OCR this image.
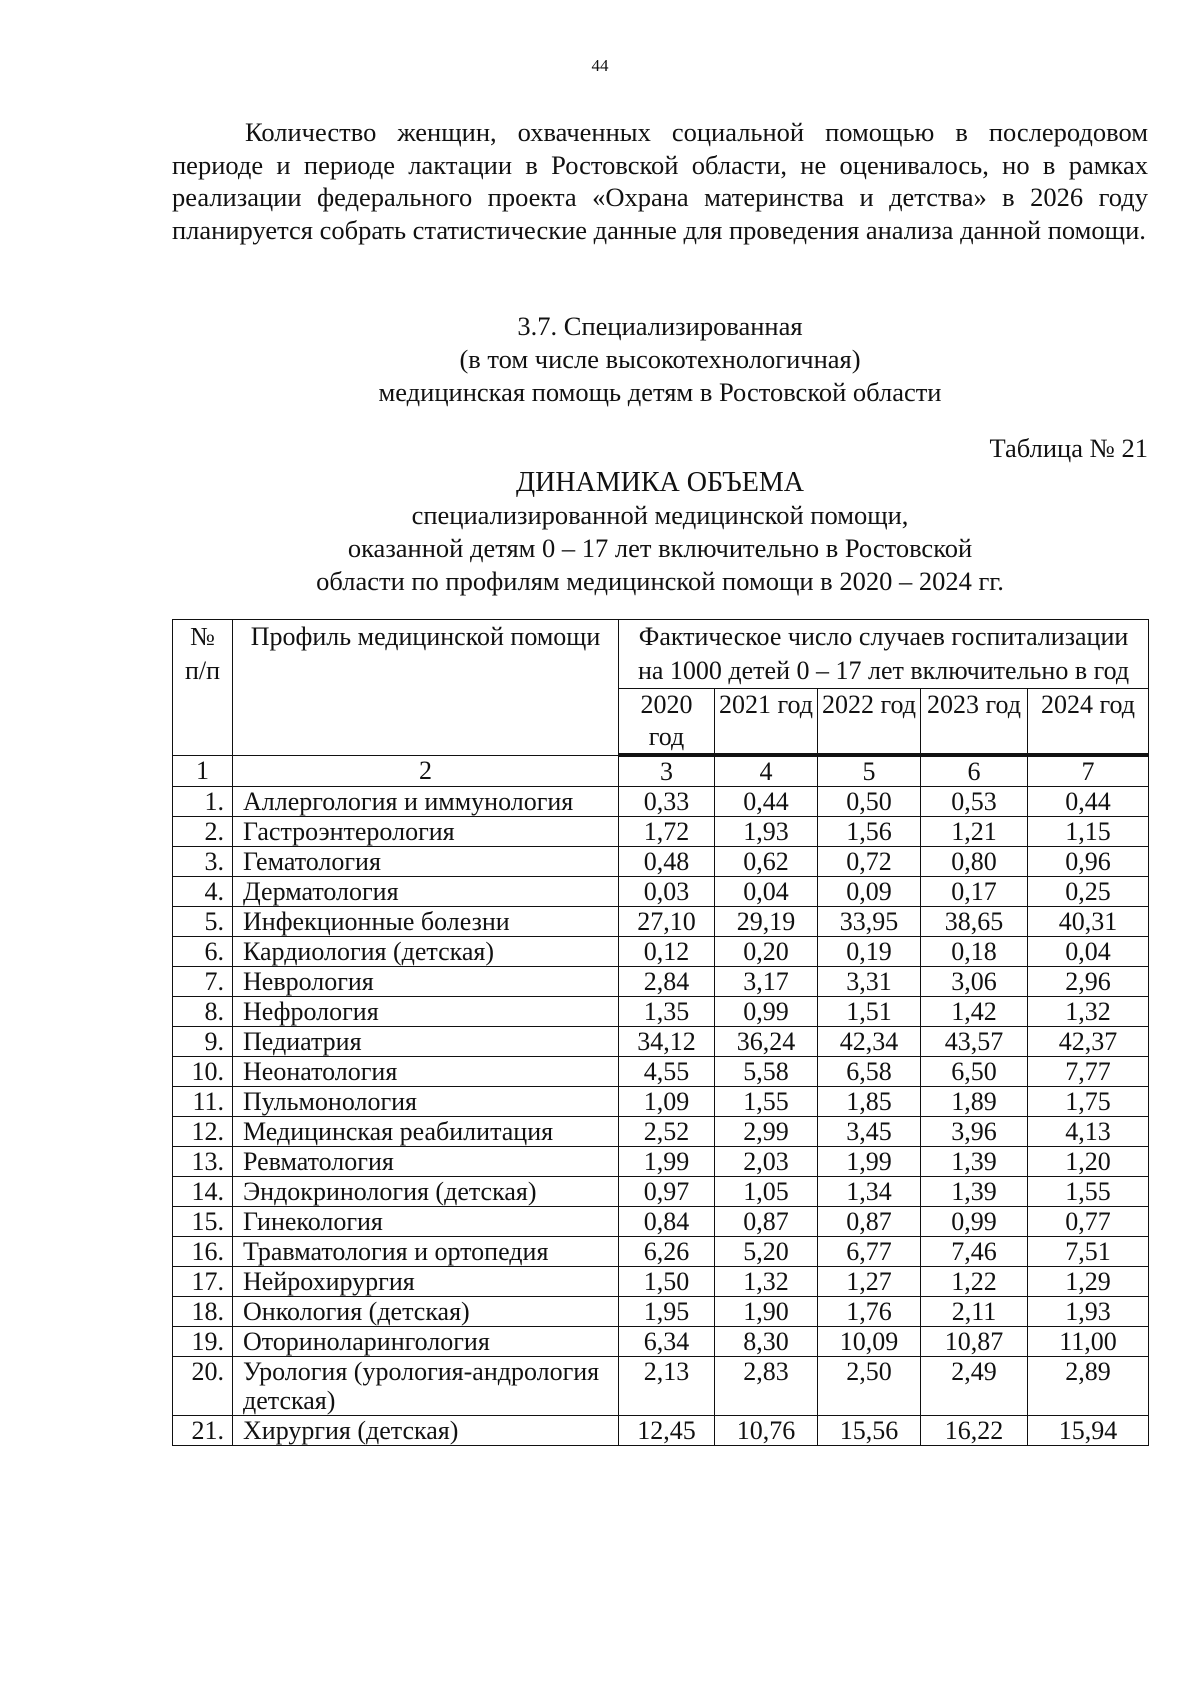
44

Количество женщин, охваченных социальной помощью в послеродовом периоде и периоде лактации в Ростовской области, не оценивалось, но в рамках реализации федерального проекта «Охрана материнства и детства» в 2026 году планируется собрать статистические данные для проведения анализа данной помощи.

3.7. Специализированная
(в том числе высокотехнологичная)
медицинская помощь детям в Ростовской области
Таблица № 21
ДИНАМИКА ОБЪЕМА
специализированной медицинской помощи,
оказанной детям 0 – 17 лет включительно в Ростовской
области по профилям медицинской помощи в 2020 – 2024 гг.
№ п/п	Профиль медицинской помощи	Фактическое число случаев госпитализации на 1000 детей 0 – 17 лет включительно в год				
		2020 год	2021 год	2022 год	2023 год	2024 год
1	2	3	4	5	6	7
1.	Аллергология и иммунология	0,33	0,44	0,50	0,53	0,44
2.	Гастроэнтерология	1,72	1,93	1,56	1,21	1,15
3.	Гематология	0,48	0,62	0,72	0,80	0,96
4.	Дерматология	0,03	0,04	0,09	0,17	0,25
5.	Инфекционные болезни	27,10	29,19	33,95	38,65	40,31
6.	Кардиология (детская)	0,12	0,20	0,19	0,18	0,04
7.	Неврология	2,84	3,17	3,31	3,06	2,96
8.	Нефрология	1,35	0,99	1,51	1,42	1,32
9.	Педиатрия	34,12	36,24	42,34	43,57	42,37
10.	Неонатология	4,55	5,58	6,58	6,50	7,77
11.	Пульмонология	1,09	1,55	1,85	1,89	1,75
12.	Медицинская реабилитация	2,52	2,99	3,45	3,96	4,13
13.	Ревматология	1,99	2,03	1,99	1,39	1,20
14.	Эндокринология (детская)	0,97	1,05	1,34	1,39	1,55
15.	Гинекология	0,84	0,87	0,87	0,99	0,77
16.	Травматология и ортопедия	6,26	5,20	6,77	7,46	7,51
17.	Нейрохирургия	1,50	1,32	1,27	1,22	1,29
18.	Онкология (детская)	1,95	1,90	1,76	2,11	1,93
19.	Оториноларингология	6,34	8,30	10,09	10,87	11,00
20.	Урология (урология-андрология детская)	2,13	2,83	2,50	2,49	2,89
21.	Хирургия (детская)	12,45	10,76	15,56	16,22	15,94
